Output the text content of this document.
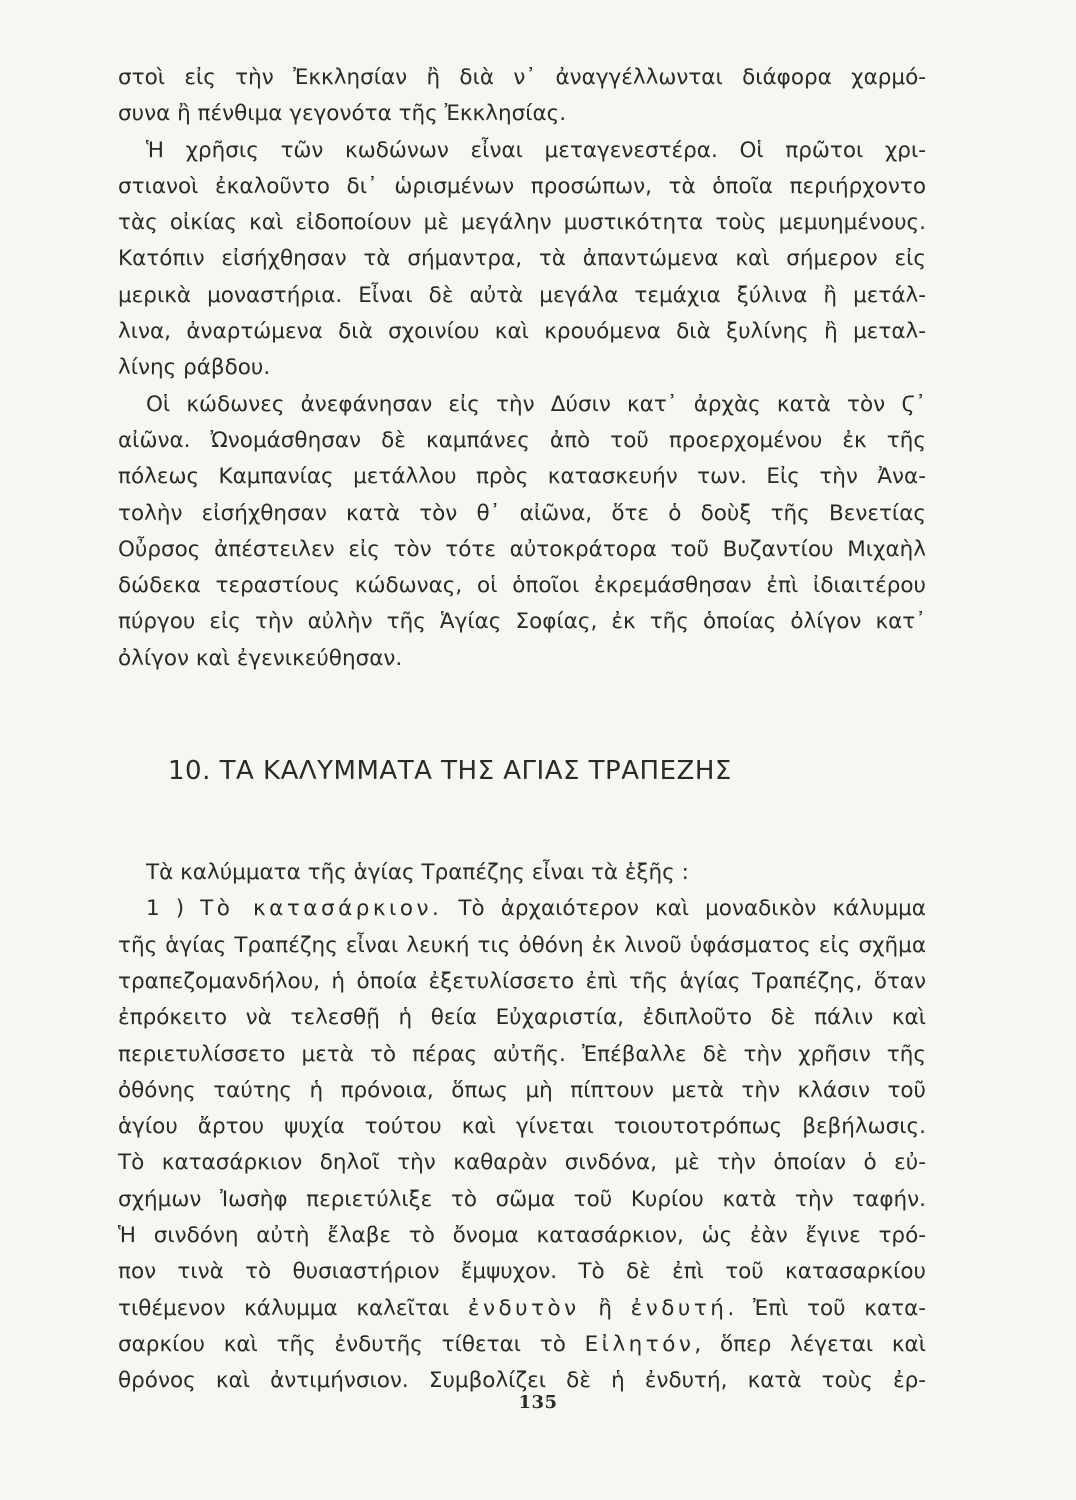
στοὶ εἰς τὴν Ἐκκλησίαν ἢ διὰ ν᾽ ἀναγγέλλωνται διάφορα χαρμό-

συνα ἢ πένθιμα γεγονότα τῆς Ἐκκλησίας.

Ἡ χρῆσις τῶν κωδώνων εἶναι μεταγενεστέρα. Οἱ πρῶτοι χρι-

στιανοὶ ἐκαλοῦντο δι᾽ ὡρισμένων προσώπων, τὰ ὁποῖα περιήρχοντο

τὰς οἰκίας καὶ εἰδοποίουν μὲ μεγάλην μυστικότητα τοὺς μεμυημένους.

Κατόπιν εἰσήχθησαν τὰ σήμαντρα, τὰ ἀπαντώμενα καὶ σήμερον εἰς

μερικὰ μοναστήρια. Εἶναι δὲ αὐτὰ μεγάλα τεμάχια ξύλινα ἢ μετάλ-

λινα, ἀναρτώμενα διὰ σχοινίου καὶ κρουόμενα διὰ ξυλίνης ἢ μεταλ-

λίνης ράβδου.

Οἱ κώδωνες ἀνεφάνησαν εἰς τὴν Δύσιν κατ᾽ ἀρχὰς κατὰ τὸν Ϛ᾽

αἰῶνα. Ὠνομάσθησαν δὲ καμπάνες ἀπὸ τοῦ προερχομένου ἐκ τῆς

πόλεως Καμπανίας μετάλλου πρὸς κατασκευήν των. Εἰς τὴν Ἀνα-

τολὴν εἰσήχθησαν κατὰ τὸν θ᾽ αἰῶνα, ὅτε ὁ δοὺξ τῆς Βενετίας

Οὖρσος ἀπέστειλεν εἰς τὸν τότε αὐτοκράτορα τοῦ Βυζαντίου Μιχαὴλ

δώδεκα τεραστίους κώδωνας, οἱ ὁποῖοι ἐκρεμάσθησαν ἐπὶ ἰδιαιτέρου

πύργου εἰς τὴν αὐλὴν τῆς Ἁγίας Σοφίας, ἐκ τῆς ὁποίας ὀλίγον κατ᾽

ὀλίγον καὶ ἐγενικεύθησαν.

10. ΤΑ ΚΑΛΥΜΜΑΤΑ ΤΗΣ ΑΓΙΑΣ ΤΡΑΠΕΖΗΣ

Τὰ καλύμματα τῆς ἁγίας Τραπέζης εἶναι τὰ ἑξῆς :

1 ) Τὸ κατασάρκιον. Τὸ ἀρχαιότερον καὶ μοναδικὸν κάλυμμα

τῆς ἁγίας Τραπέζης εἶναι λευκή τις ὀθόνη ἐκ λινοῦ ὑφάσματος εἰς σχῆμα

τραπεζομανδήλου, ἡ ὁποία ἐξετυλίσσετο ἐπὶ τῆς ἁγίας Τραπέζης, ὅταν

ἐπρόκειτο νὰ τελεσθῇ ἡ θεία Εὐχαριστία, ἐδιπλοῦτο δὲ πάλιν καὶ

περιετυλίσσετο μετὰ τὸ πέρας αὐτῆς. Ἐπέβαλλε δὲ τὴν χρῆσιν τῆς

ὀθόνης ταύτης ἡ πρόνοια, ὅπως μὴ πίπτουν μετὰ τὴν κλάσιν τοῦ

ἁγίου ἄρτου ψυχία τούτου καὶ γίνεται τοιουτοτρόπως βεβήλωσις.

Τὸ κατασάρκιον δηλοῖ τὴν καθαρὰν σινδόνα, μὲ τὴν ὁποίαν ὁ εὐ-

σχήμων Ἰωσὴφ περιετύλιξε τὸ σῶμα τοῦ Κυρίου κατὰ τὴν ταφήν.

Ἡ σινδόνη αὐτὴ ἔλαβε τὸ ὄνομα κατασάρκιον, ὡς ἐὰν ἔγινε τρό-

πον τινὰ τὸ θυσιαστήριον ἔμψυχον. Τὸ δὲ ἐπὶ τοῦ κατασαρκίου

τιθέμενον κάλυμμα καλεῖται ἐνδυτὸν ἢ ἐνδυτή. Ἐπὶ τοῦ κατα-

σαρκίου καὶ τῆς ἐνδυτῆς τίθεται τὸ Εἰλητόν, ὅπερ λέγεται καὶ

θρόνος καὶ ἀντιμήνσιον. Συμβολίζει δὲ ἡ ἐνδυτή, κατὰ τοὺς ἐρ-

135
